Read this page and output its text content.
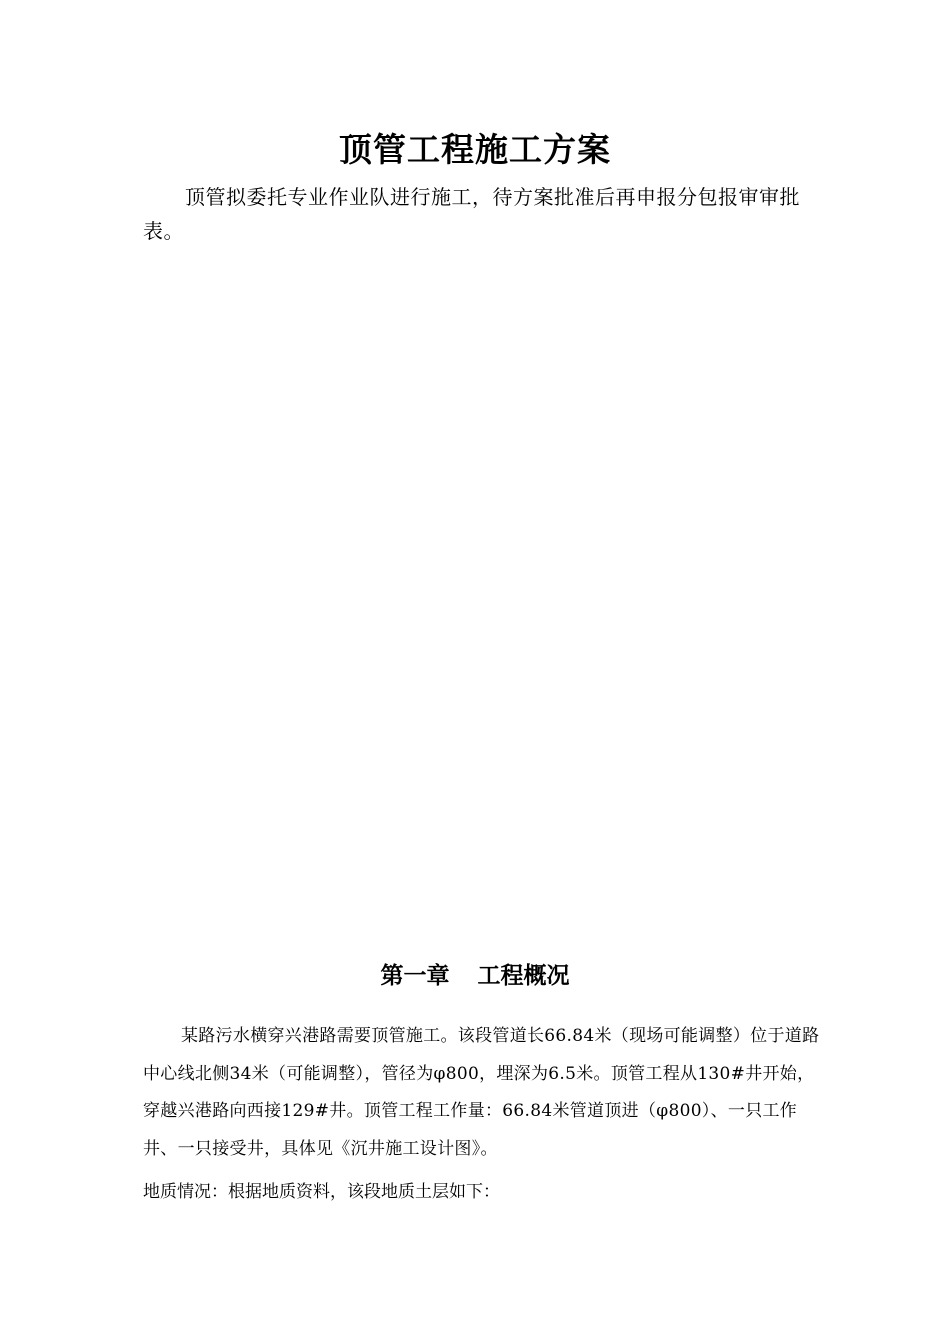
顶管工程施工方案

顶管拟委托专业作业队进行施工，待方案批准后再申报分包报审审批表。

第一章 工程概况

某路污水横穿兴港路需要顶管施工。该段管道长66.84米（现场可能调整）位于道路中心线北侧34米（可能调整），管径为φ800，埋深为6.5米。顶管工程从130#井开始，穿越兴港路向西接129#井。顶管工程工作量：66.84米管道顶进（φ800）、一只工作井、一只接受井，具体见《沉井施工设计图》。

地质情况：根据地质资料，该段地质土层如下：
